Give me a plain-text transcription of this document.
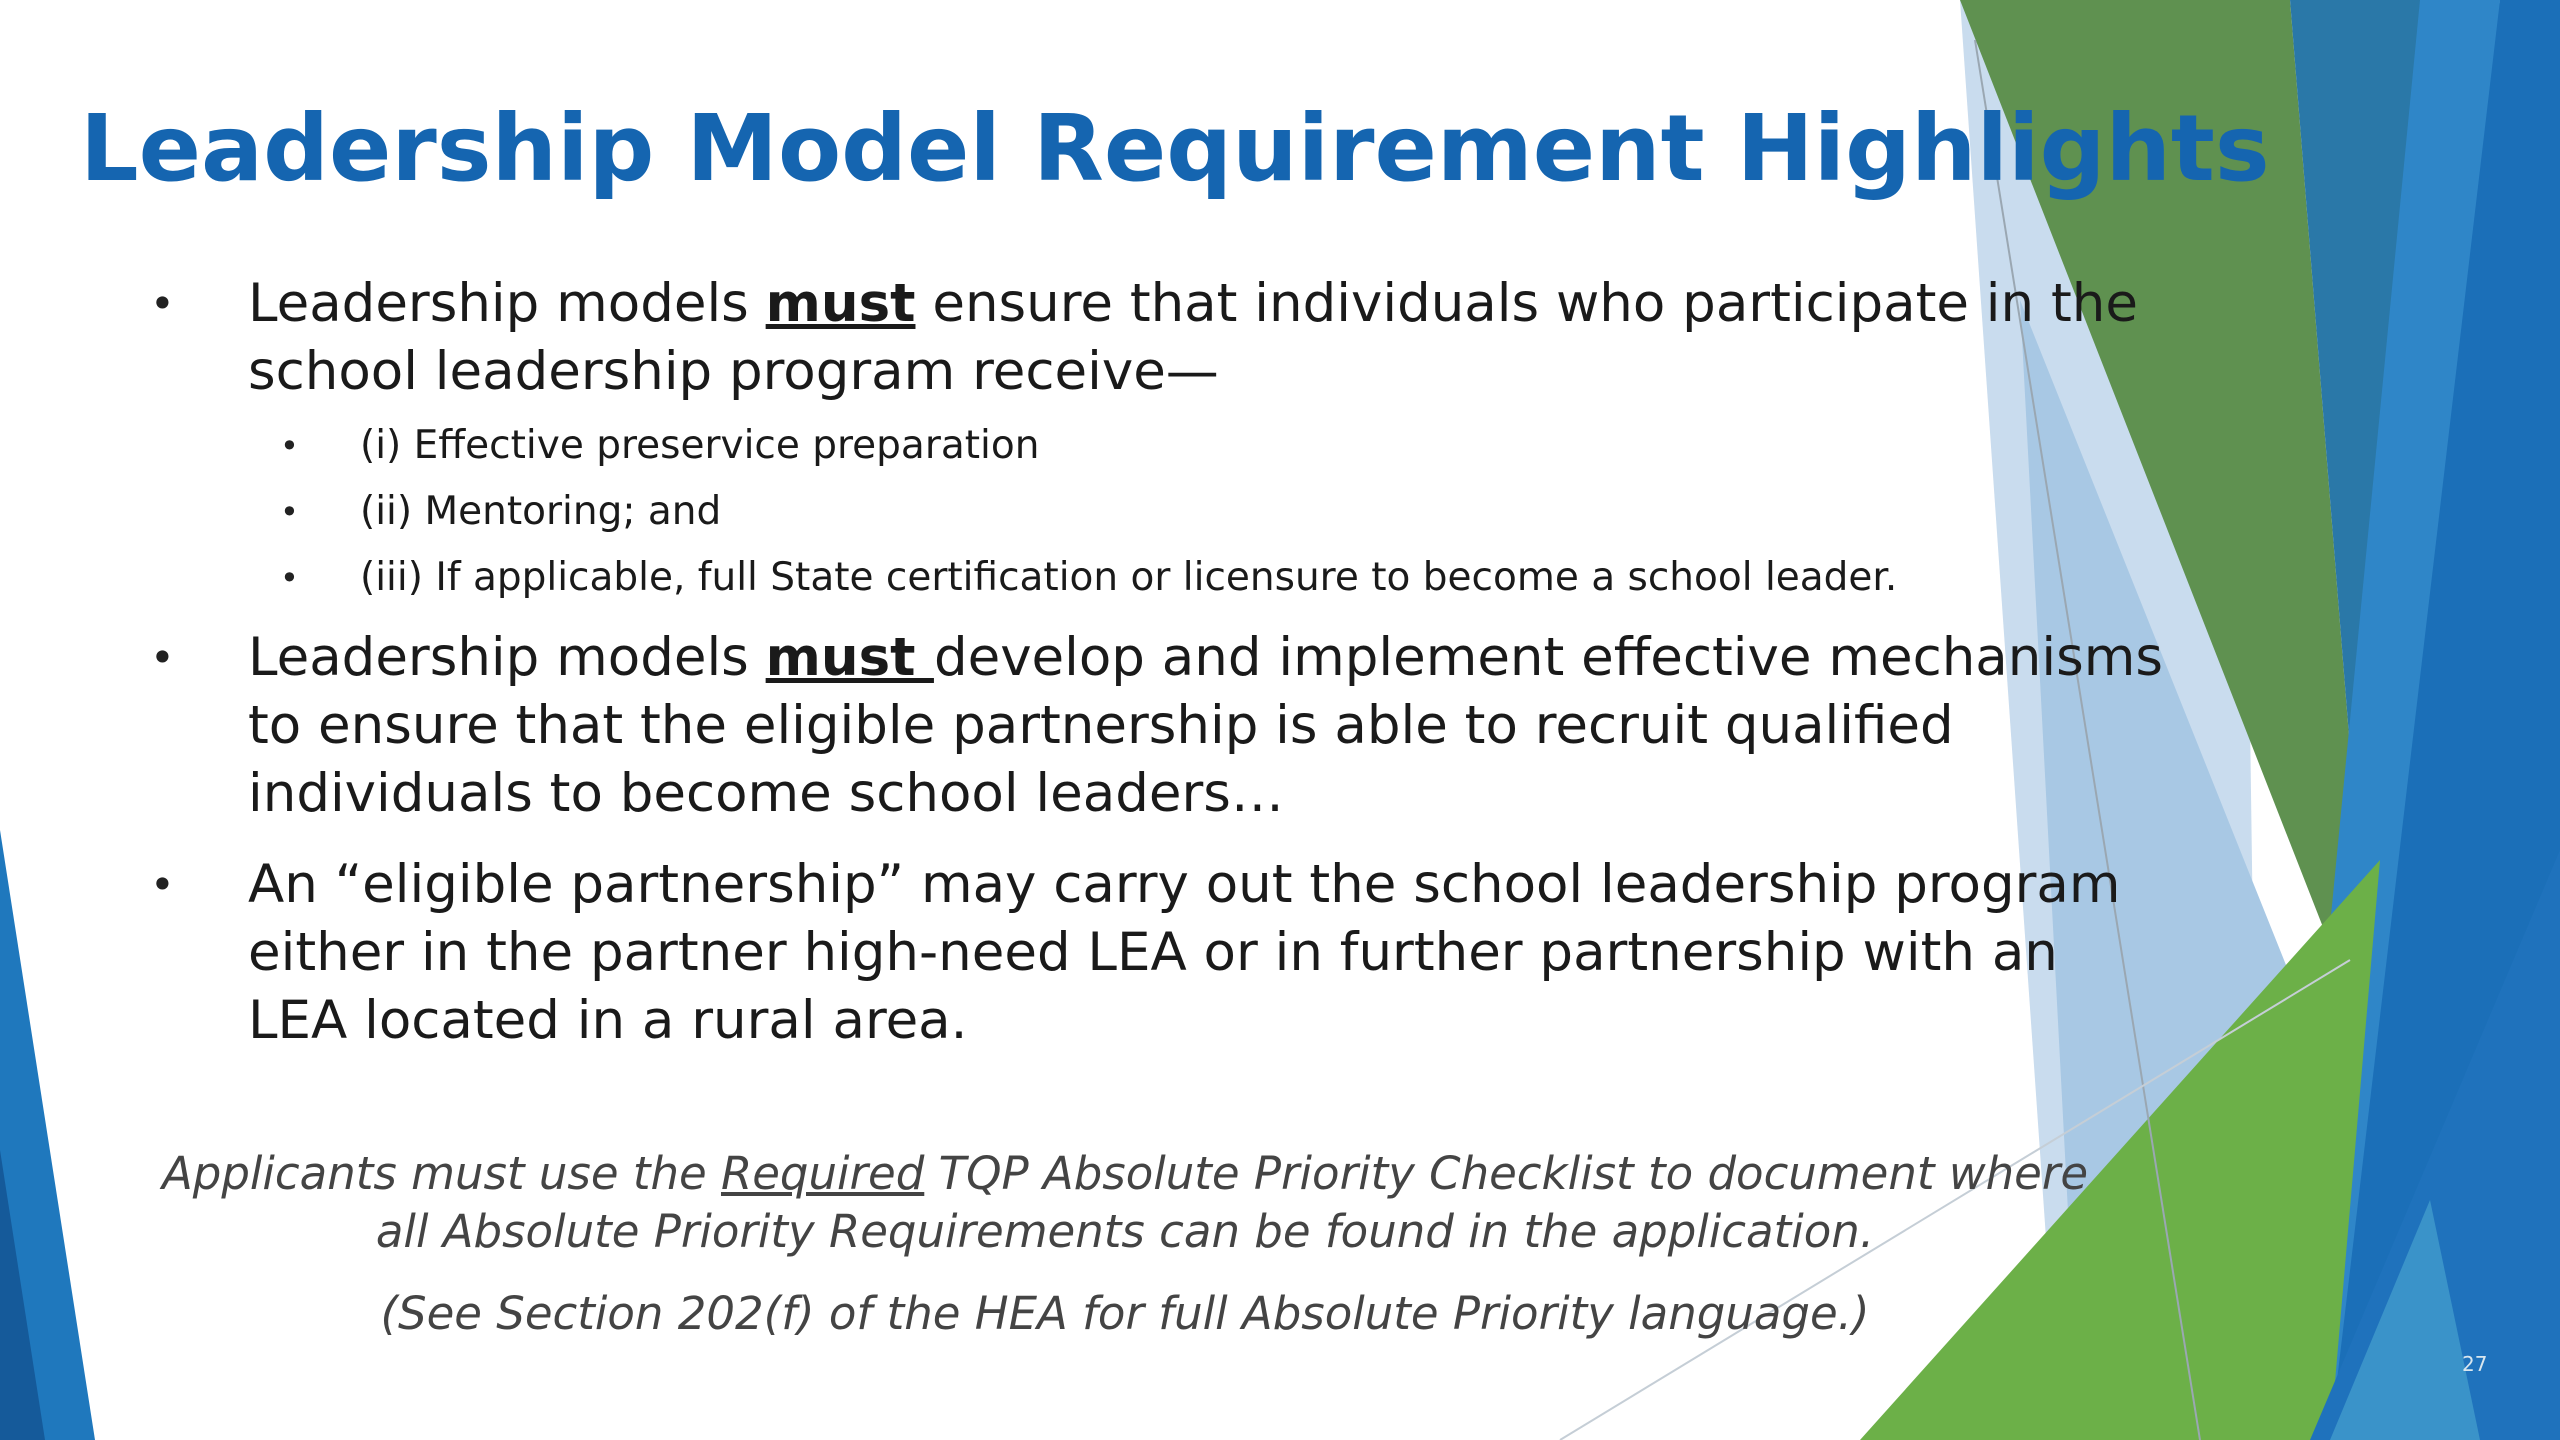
Leadership Model Requirement Highlights
• Leadership models must ensure that individuals who participate in the
school leadership program receive—
• (i) Effective preservice preparation
• (ii) Mentoring; and
• (iii) If applicable, full State certification or licensure to become a school leader.
• Leadership models must develop and implement effective mechanisms
to ensure that the eligible partnership is able to recruit qualified
individuals to become school leaders…
• An “eligible partnership” may carry out the school leadership program
either in the partner high-need LEA or in further partnership with an
LEA located in a rural area.
Applicants must use the Required TQP Absolute Priority Checklist to document where
all Absolute Priority Requirements can be found in the application.
(See Section 202(f) of the HEA for full Absolute Priority language.)
27
